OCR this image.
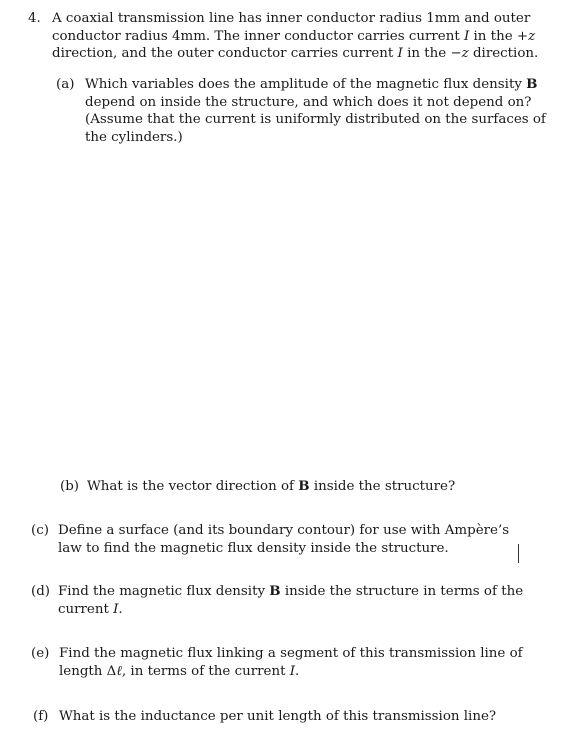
4. A coaxial transmission line has inner conductor radius 1mm and outer
conductor radius 4mm. The inner conductor carries current I in the +z
direction, and the outer conductor carries current I in the −z direction.
(a) Which variables does the amplitude of the magnetic flux density B
depend on inside the structure, and which does it not depend on?
(Assume that the current is uniformly distributed on the surfaces of
the cylinders.)
(b) What is the vector direction of B inside the structure?
(c) Define a surface (and its boundary contour) for use with Ampère’s
law to find the magnetic flux density inside the structure.
(d) Find the magnetic flux density B inside the structure in terms of the
current I.
(e) Find the magnetic flux linking a segment of this transmission line of
length Δℓ, in terms of the current I.
(f) What is the inductance per unit length of this transmission line?
